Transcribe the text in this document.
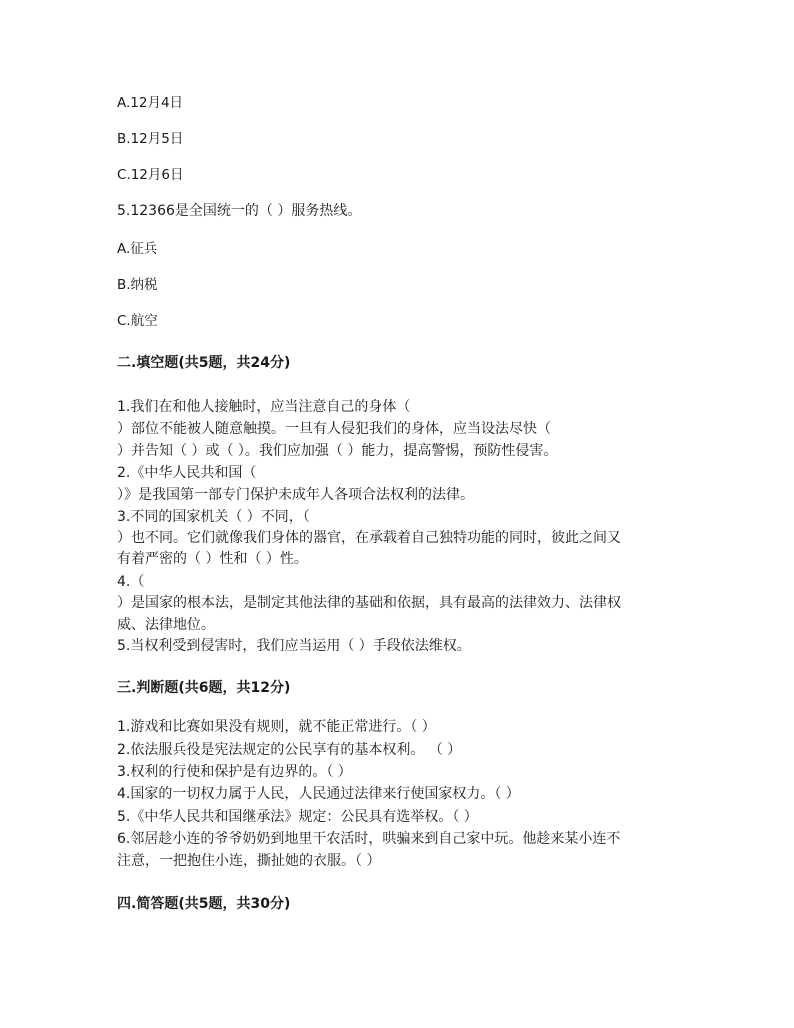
A.12月4日
B.12月5日
C.12月6日
5.12366是全国统一的（ ）服务热线。
A.征兵
B.纳税
C.航空
二.填空题(共5题，共24分)
1.我们在和他人接触时，应当注意自己的身体（
）部位不能被人随意触摸。一旦有人侵犯我们的身体，应当设法尽快（
）并告知（ ）或（ ）。我们应加强（ ）能力，提高警惕，预防性侵害。
2.《中华人民共和国（
）》是我国第一部专门保护未成年人各项合法权利的法律。
3.不同的国家机关（ ）不同，（
）也不同。它们就像我们身体的器官，在承载着自己独特功能的同时，彼此之间又
有着严密的（ ）性和（ ）性。
4.（
）是国家的根本法，是制定其他法律的基础和依据，具有最高的法律效力、法律权
威、法律地位。
5.当权利受到侵害时，我们应当运用（ ）手段依法维权。
三.判断题(共6题，共12分)
1.游戏和比赛如果没有规则，就不能正常进行。（ ）
2.依法服兵役是宪法规定的公民享有的基本权利。 （ ）
3.权利的行使和保护是有边界的。（ ）
4.国家的一切权力属于人民，人民通过法律来行使国家权力。（ ）
5.《中华人民共和国继承法》规定：公民具有选举权。（ ）
6.邻居趁小连的爷爷奶奶到地里干农活时，哄骗来到自己家中玩。他趁来某小连不
注意，一把抱住小连，撕扯她的衣服。（ ）
四.简答题(共5题，共30分)
